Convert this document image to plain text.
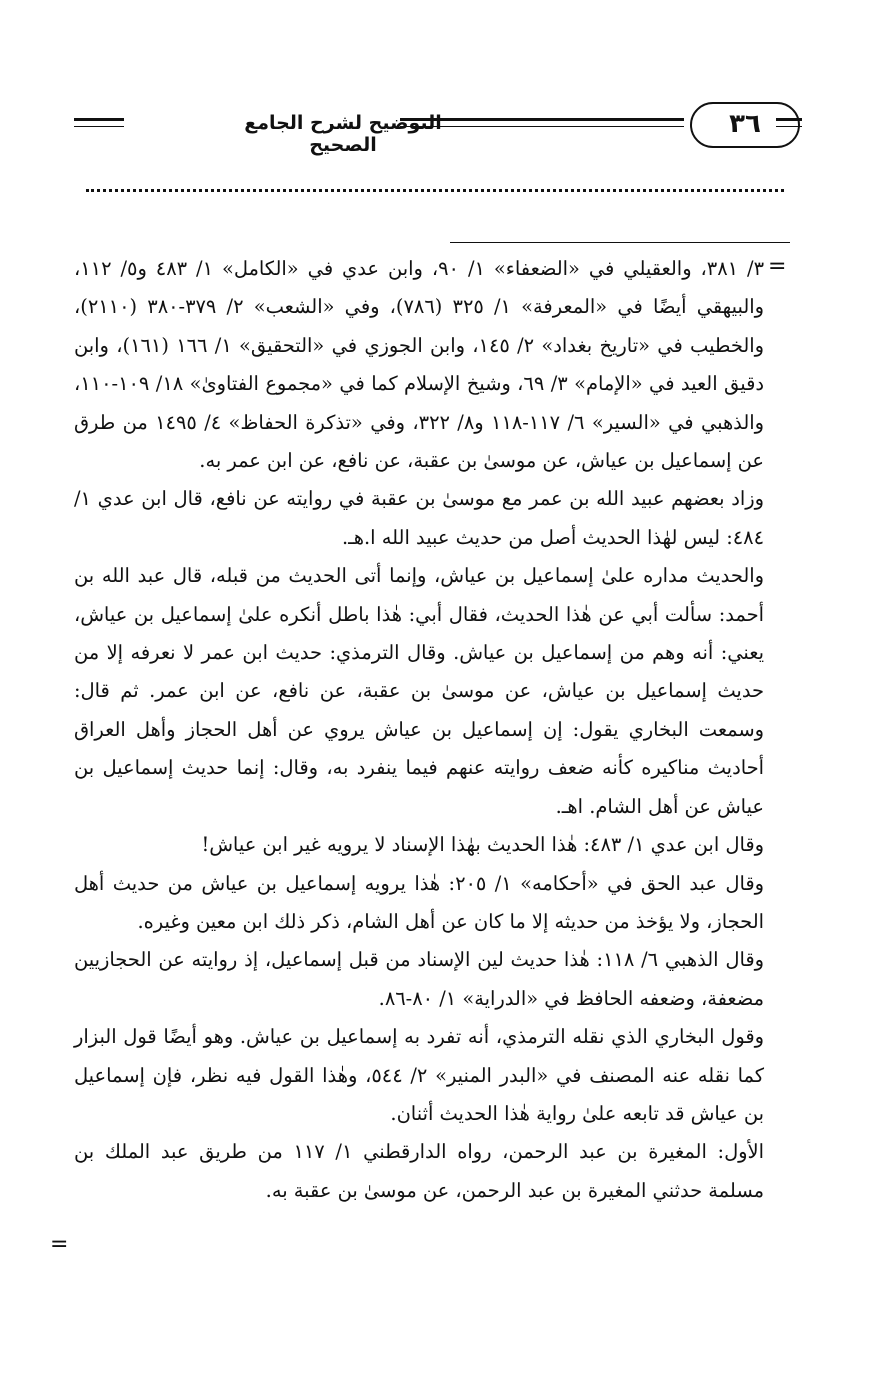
التوضيح لشرح الجامع الصحيح
٣٦
=
=

٣/ ٣٨١، والعقيلي في «الضعفاء» ١/ ٩٠، وابن عدي في «الكامل» ١/ ٤٨٣ و٥/ ١١٢، والبيهقي أيضًا في «المعرفة» ١/ ٣٢٥ (٧٨٦)، وفي «الشعب» ٢/ ٣٧٩-٣٨٠ (٢١١٠)، والخطيب في «تاريخ بغداد» ٢/ ١٤٥، وابن الجوزي في «التحقيق» ١/ ١٦٦ (١٦١)، وابن دقيق العيد في «الإمام» ٣/ ٦٩، وشيخ الإسلام كما في «مجموع الفتاوىٰ» ١٨/ ١٠٩-١١٠، والذهبي في «السير» ٦/ ١١٧-١١٨ و٨/ ٣٢٢، وفي «تذكرة الحفاظ» ٤/ ١٤٩٥ من طرق عن إسماعيل بن عياش، عن موسىٰ بن عقبة، عن نافع، عن ابن عمر به.

وزاد بعضهم عبيد الله بن عمر مع موسىٰ بن عقبة في روايته عن نافع، قال ابن عدي ١/ ٤٨٤: ليس لهٰذا الحديث أصل من حديث عبيد الله ا.هـ.

والحديث مداره علىٰ إسماعيل بن عياش، وإنما أتى الحديث من قبله، قال عبد الله بن أحمد: سألت أبي عن هٰذا الحديث، فقال أبي: هٰذا باطل أنكره علىٰ إسماعيل بن عياش، يعني: أنه وهم من إسماعيل بن عياش. وقال الترمذي: حديث ابن عمر لا نعرفه إلا من حديث إسماعيل بن عياش، عن موسىٰ بن عقبة، عن نافع، عن ابن عمر. ثم قال: وسمعت البخاري يقول: إن إسماعيل بن عياش يروي عن أهل الحجاز وأهل العراق أحاديث مناكيره كأنه ضعف روايته عنهم فيما ينفرد به، وقال: إنما حديث إسماعيل بن عياش عن أهل الشام. اهـ.

وقال ابن عدي ١/ ٤٨٣: هٰذا الحديث بهٰذا الإسناد لا يرويه غير ابن عياش!

وقال عبد الحق في «أحكامه» ١/ ٢٠٥: هٰذا يرويه إسماعيل بن عياش من حديث أهل الحجاز، ولا يؤخذ من حديثه إلا ما كان عن أهل الشام، ذكر ذلك ابن معين وغيره.

وقال الذهبي ٦/ ١١٨: هٰذا حديث لين الإسناد من قبل إسماعيل، إذ روايته عن الحجازيين مضعفة، وضعفه الحافظ في «الدراية» ١/ ٨٠-٨٦.

وقول البخاري الذي نقله الترمذي، أنه تفرد به إسماعيل بن عياش. وهو أيضًا قول البزار كما نقله عنه المصنف في «البدر المنير» ٢/ ٥٤٤، وهٰذا القول فيه نظر، فإن إسماعيل بن عياش قد تابعه علىٰ رواية هٰذا الحديث أثنان.

الأول: المغيرة بن عبد الرحمن، رواه الدارقطني ١/ ١١٧ من طريق عبد الملك بن مسلمة حدثني المغيرة بن عبد الرحمن، عن موسىٰ بن عقبة به.
